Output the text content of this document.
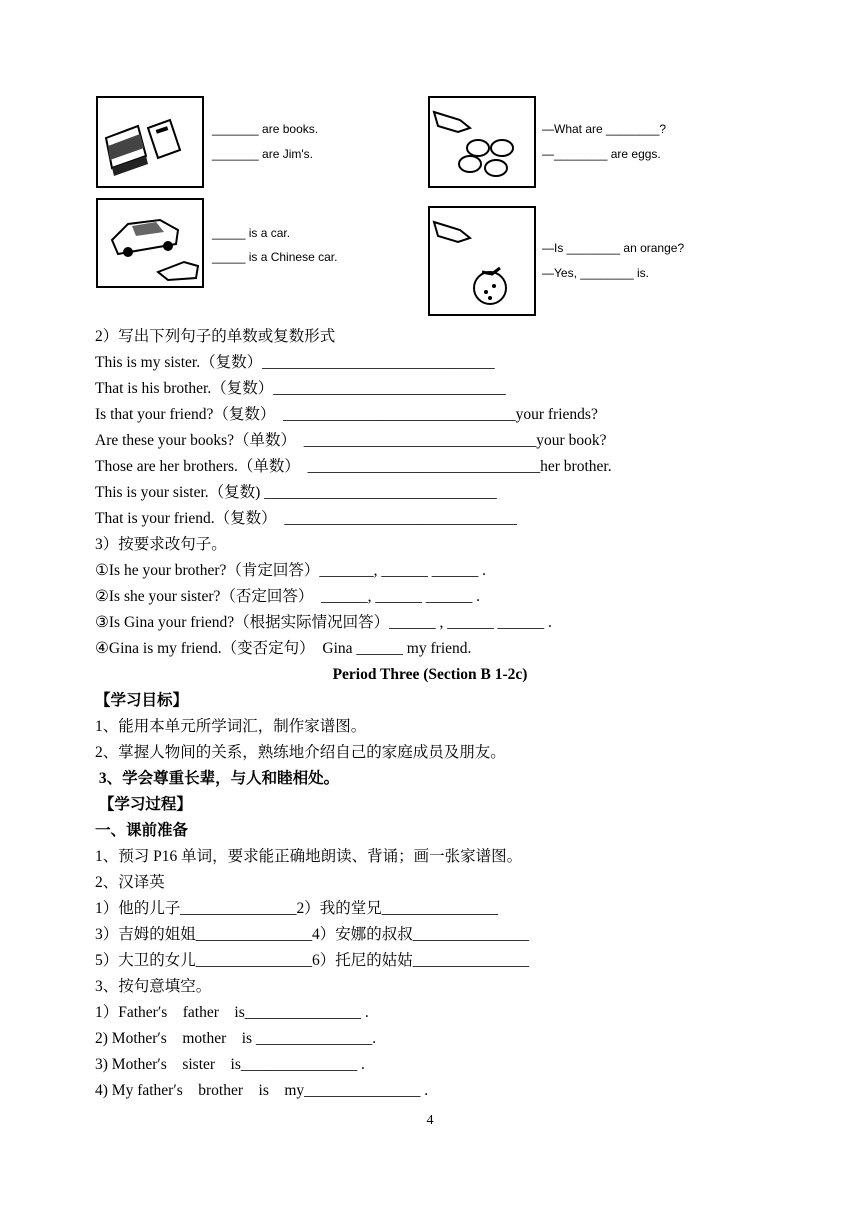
_______ are books.
_______ are Jim's.
—What are ________?
—________ are eggs.
_____ is a car.
_____ is a Chinese car.
—Is ________ an orange?
—Yes, ________ is.
2）写出下列句子的单数或复数形式
This is my sister.（复数）______________________________
That is his brother.（复数）______________________________
Is that your friend?（复数）  ______________________________your friends?
Are these your books?（单数）  ______________________________your book?
Those are her brothers.（单数）  ______________________________her brother.
This is your sister.（复数) ______________________________
That is your friend.（复数）  ______________________________
3）按要求改句子。
①Is he your brother?（肯定回答）_______, ______ ______ .
②Is she your sister?（否定回答）  ______, ______ ______ .
③Is Gina your friend?（根据实际情况回答）______ , ______ ______ .
④Gina is my friend.（变否定句）  Gina ______ my friend.
Period Three (Section B 1-2c)
【学习目标】
1、能用本单元所学词汇，制作家谱图。
2、掌握人物间的关系，熟练地介绍自己的家庭成员及朋友。
3、学会尊重长辈，与人和睦相处。
【学习过程】
一、课前准备
1、预习 P16 单词，要求能正确地朗读、背诵；画一张家谱图。
2、汉译英
1）他的儿子_______________2）我的堂兄_______________
3）吉姆的姐姐_______________4）安娜的叔叔_______________
5）大卫的女儿_______________6）托尼的姑姑_______________
3、按句意填空。
1）Father′s    father    is_______________ .
2) Mother′s    mother    is _______________.
3) Mother′s    sister    is_______________ .
4) My father′s    brother    is    my_______________ .
4
